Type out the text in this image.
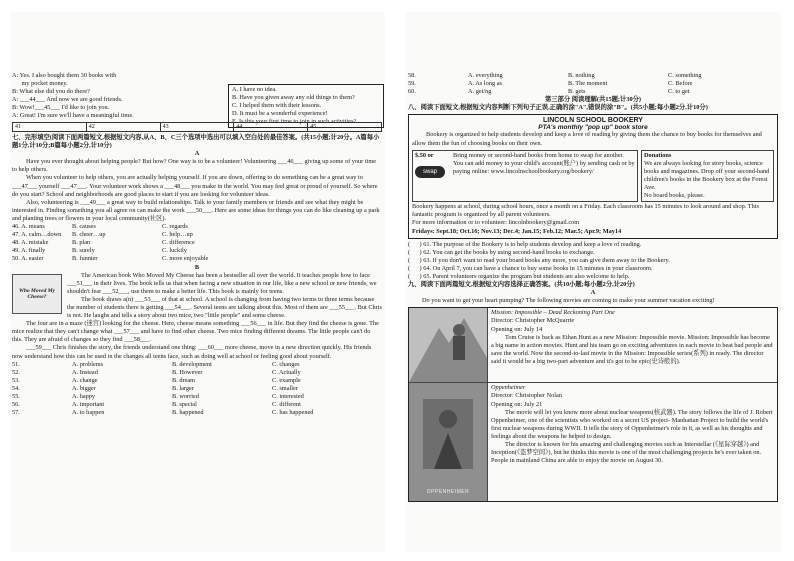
A: Yes. I also bought them 30 books with

my pocket money.

B: What else did you do there?

A: ___44___ And now we are good friends.

B: Wow!___45___ I'd like to join you.

A: Great! I'm sure we'll have a meaningful time.

A. I have no idea.

B. Have you given away any old things to them?

C. I helped them with their lessons.

D. It must be a wonderful experience!

E. Is this your first time to join in such activities?

41	42	43	44	45

七、完形填空(阅读下面两篇短文,根据短文内容,从A、B、C三个选项中选出可以填入空白处的最佳答案。(共15小题;计20分。A篇每小题1分,计10分;B篇每小题2分,计10分)

A

Have you ever thought about helping people? But how? One way is to be a volunteer! Volunteering ___46___ giving up some of your time to help others.

When you volunteer to help others, you are actually helping yourself. If you are down, offering to do something can be a great way to ___47___ yourself ___47___. Your volunteer work shows a ___48___ you make in the world. You may feel great or proud of yourself. So where do you start? School and neighborhoods are good places to start if you are looking for volunteer ideas.

Also, volunteering is ___49___ a great way to build relationships. Talk to your family members or friends and see what they might be interested in. Finding something you all agree on can make the work ___50___. Here are some ideas for things you can do like cleaning up a park and planting trees or flowers in your local community(社区).

46. A. means	B. causes	C. regards
47. A. calm…down	B. cheer…up	C. help…up
48. A. mistake	B. plan	C. difference
49. A. finally	B. surely	C. luckily
50. A. easier	B. funnier	C. more enjoyable

B

Who Moved My Cheese?

The American book Who Moved My Cheese has been a bestseller all over the world. It teaches people how to face ___51___ in their lives. The book tells us that when facing a new situation in our life, like a new school or new friends, we shouldn't fear ___52___, use them to make a better life. This book is mainly for teens.

The book draws a(n) ___53___ of that at school. A school is changing from having two terms to three terms because the number of students there is getting ___54___. Several teens are talking about this. Most of them are ___55___. But Chris is not. He laughs and tells a story about two mice, two "little people" and some cheese.

The four are in a maze (迷宫) looking for the cheese. Here, cheese means something ___56___ in life. But they find the cheese is gone. The mice realize that they can't change what ___57___ and have to find other cheese. Two mice finding different dreams. The little people can't do this. They are afraid of changes so they find ___58___.

___59___ Chris finishes the story, the friends understand one thing: ___60___ more cheese, move in a new direction quickly. His friends now understand how this can be used in the changes all teens face, such as doing well at school or feeling good about yourself.

51.	A. problems	B. development	C. changes
52.	A. Instead	B. However	C. Actually
53.	A. change	B. dream	C. example
54.	A. bigger	B. larger	C. smaller
55.	A. happy	B. worried	C. interested
56.	A. important	B. special	C. different
57.	A. to happen	B. happened	C. has happened
58.	A. everything	B. nothing	C. something
59.	A. As long as	B. The moment	C. Before
60.	A. get/ng	B. gets	C. to get

第三部分 阅读理解(共15题;计30分)

八、阅读下面短文,根据短文内容判断下列句子正误,正确的涂"A",错误的涂"B"。(共5小题;每小题2分,计10分)

LINCOLN SCHOOL BOOKERY
PTA's monthly "pop up" book store

Bookery is organized to help students develop and keep a love of reading by giving them the chance to buy books for themselves and allow them the fun of choosing books on their own.

$.50 or

swap

Bring money or second-hand books from home to swap for another. You can add money to your child's account(账户) by sending cash or by paying online: www.lincolnschoolbookery.org/bookery/

Donations

We are always looking for story books, science books and magazines. Drop off your second-hand children's books in the Bookery box at the Forest Ave.

No board books, please.

Bookery happens at school, during school hours, once a month on a Friday. Each classroom has 15 minutes to look around and shop. This fantastic program is organized by all parent volunteers.

For more information or to volunteer: lincolnbookery@gmail.com

Fridays: Sept.18; Oct.16; Nov.13; Dec.4; Jan.15; Feb.12; Mar.5; Apr.9; May14

(      ) 61. The purpose of the Bookery is to help students develop and keep a love of reading.

(      ) 62. You can get the books by using second-hand books to exchange.

(      ) 63. If you don't want to read your board books any more, you can give them away to the Bookery.

(      ) 64. On April 7, you can have a chance to buy some books in 15 minutes in your classroom.

(      ) 65. Parent volunteers organize the program but students are also welcome to help.

九、阅读下面两篇短文,根据短文内容选择正确答案。(共10小题;每小题2分,计20分)

A

Do you want to get your heart pumping? The following movies are coming to make your summer vacation exciting!

Mission: Impossible – Dead Reckoning Part One

Director: Christopher McQuarrie

Opening on: July 14

Tom Cruise is back as Ethan Hunt as a new Mission: Impossible movie. Mission: Impossible has become a big name in action movies. Hunt and his team go on exciting adventures in each movie to beat bad people and save the world. Now the second-to-last movie in the Mission: Impossible series(系列) in ready. The director said it would be a big two-part adventure and it's got to be epic(史诗般的).

OPPENHEIMER

Oppenheimer

Director: Christopher Nolan

Opening on: July 21

The movie will let you know more about nuclear weapons(核武器). The story follows the life of J. Robert Oppenheimer, one of the scientists who worked on a secret US project- Manhattan Project to build the world's first nuclear weapons during WWII. It tells the story of Oppenheimer's role in it, as well as his thoughts and feelings about the weapons he helped to design.

The director is known for his amazing and challenging movies such as Interstellar (《星际穿越》) and Inception(《盗梦空间》), but he thinks this movie is one of the most challenging projects he's ever taken on. People in mainland China are able to enjoy the movie on August 30.
